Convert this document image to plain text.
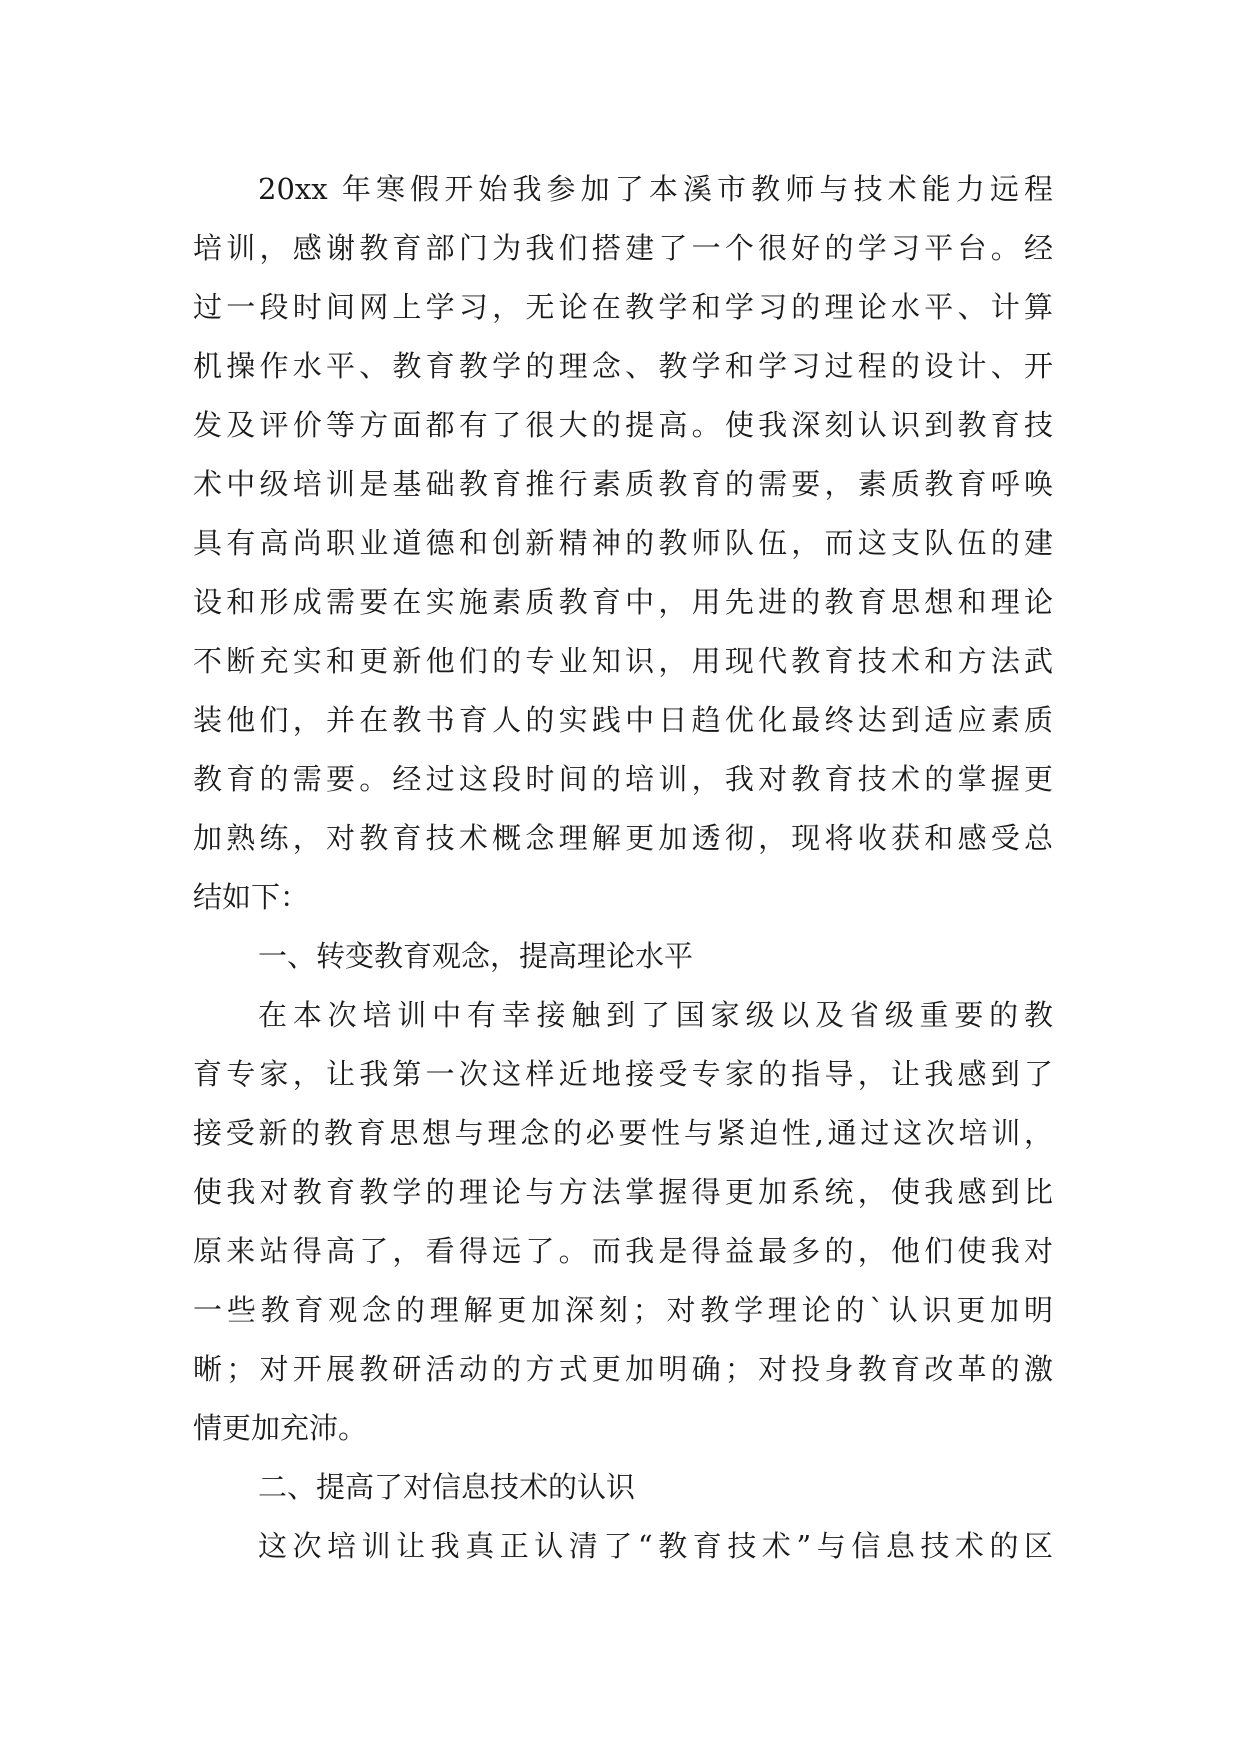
20xx 年寒假开始我参加了本溪市教师与技术能力远程
培训，感谢教育部门为我们搭建了一个很好的学习平台。经
过一段时间网上学习，无论在教学和学习的理论水平、计算
机操作水平、教育教学的理念、教学和学习过程的设计、开
发及评价等方面都有了很大的提高。使我深刻认识到教育技
术中级培训是基础教育推行素质教育的需要，素质教育呼唤
具有高尚职业道德和创新精神的教师队伍，而这支队伍的建
设和形成需要在实施素质教育中，用先进的教育思想和理论
不断充实和更新他们的专业知识，用现代教育技术和方法武
装他们，并在教书育人的实践中日趋优化最终达到适应素质
教育的需要。经过这段时间的培训，我对教育技术的掌握更
加熟练，对教育技术概念理解更加透彻，现将收获和感受总
结如下：
一、转变教育观念，提高理论水平
在本次培训中有幸接触到了国家级以及省级重要的教
育专家，让我第一次这样近地接受专家的指导，让我感到了
接受新的教育思想与理念的必要性与紧迫性,通过这次培训，
使我对教育教学的理论与方法掌握得更加系统，使我感到比
原来站得高了，看得远了。而我是得益最多的，他们使我对
一些教育观念的理解更加深刻；对教学理论的`认识更加明
晰；对开展教研活动的方式更加明确；对投身教育改革的激
情更加充沛。
二、提高了对信息技术的认识
这次培训让我真正认清了“教育技术”与信息技术的区
